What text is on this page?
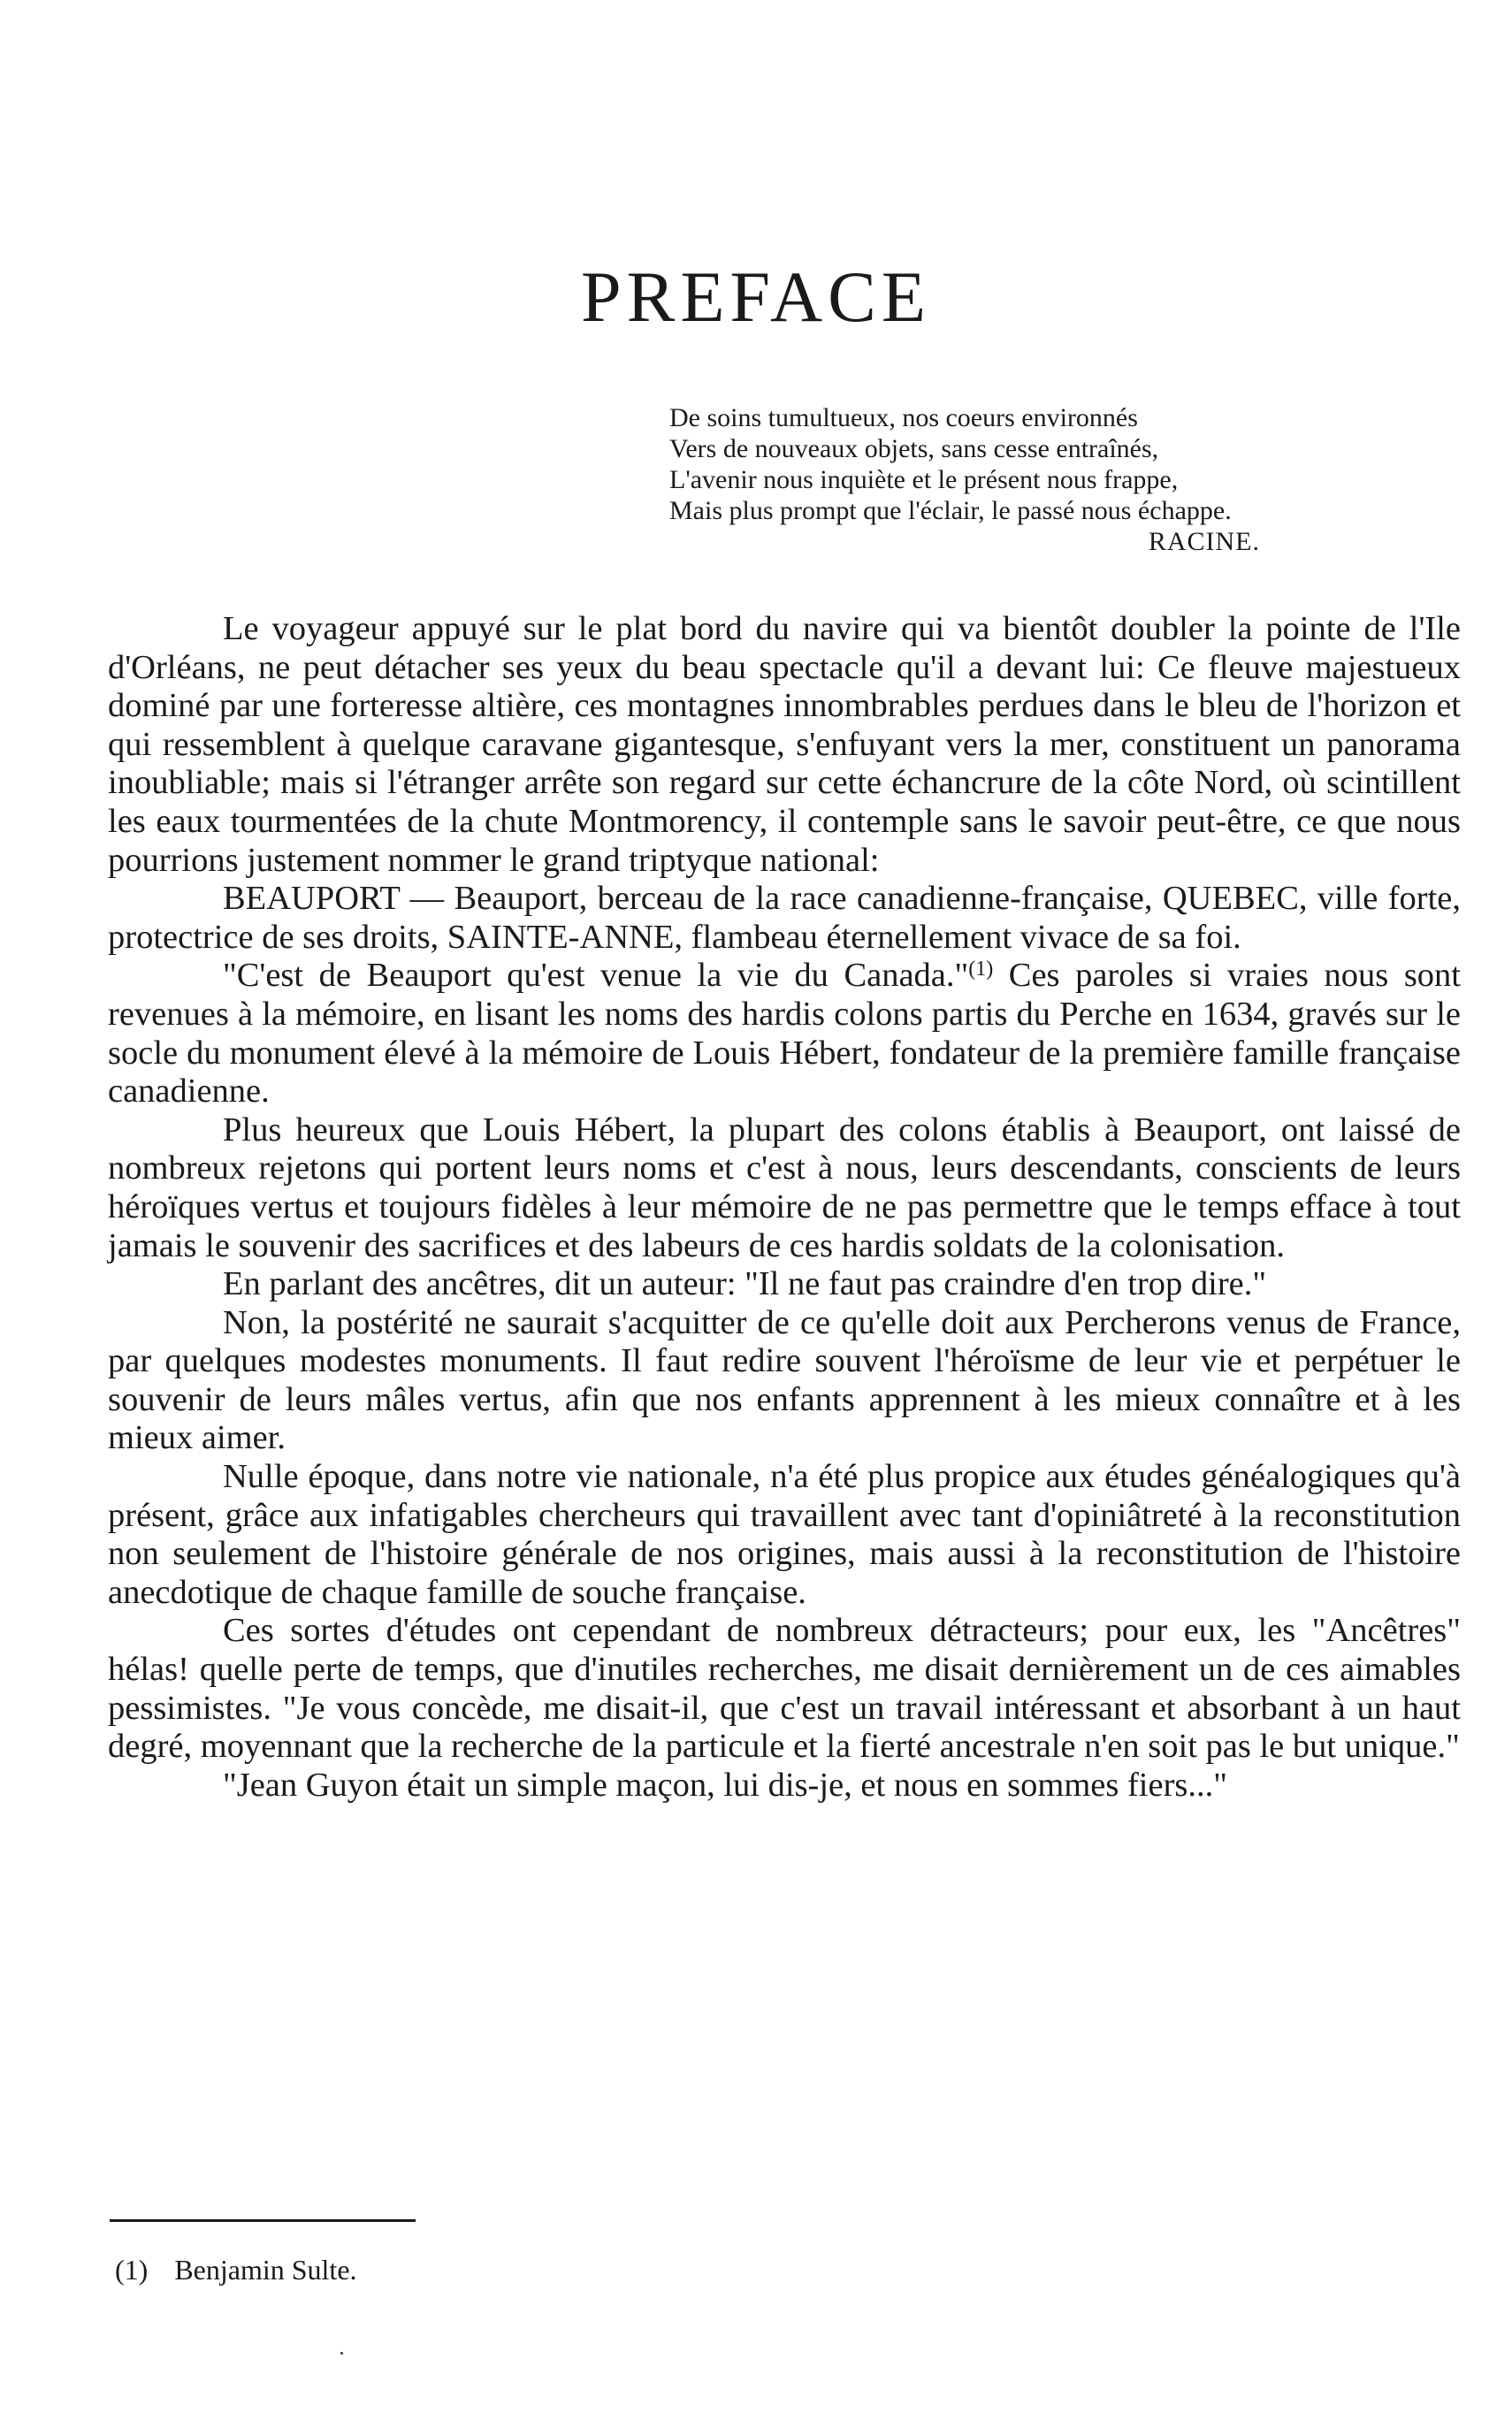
PREFACE
De soins tumultueux, nos coeurs environnés
Vers de nouveaux objets, sans cesse entraînés,
L'avenir nous inquiète et le présent nous frappe,
Mais plus prompt que l'éclair, le passé nous échappe.
RACINE.

Le voyageur appuyé sur le plat bord du navire qui va bientôt doubler la pointe de l'Ile d'Orléans, ne peut détacher ses yeux du beau spectacle qu'il a devant lui: Ce fleuve majestueux dominé par une forteresse altière, ces montagnes innombrables perdues dans le bleu de l'horizon et qui ressemblent à quelque caravane gigantesque, s'enfuyant vers la mer, constituent un panorama inoubliable; mais si l'étranger arrête son regard sur cette échancrure de la côte Nord, où scintillent les eaux tourmentées de la chute Montmorency, il contemple sans le savoir peut-être, ce que nous pourrions justement nommer le grand triptyque national:

BEAUPORT — Beauport, berceau de la race canadienne-française, QUEBEC, ville forte, protectrice de ses droits, SAINTE-ANNE, flambeau éternellement vivace de sa foi.

"C'est de Beauport qu'est venue la vie du Canada."$^{(1)}$ Ces paroles si vraies nous sont revenues à la mémoire, en lisant les noms des hardis colons partis du Perche en 1634, gravés sur le socle du monument élevé à la mémoire de Louis Hébert, fondateur de la première famille française canadienne.

Plus heureux que Louis Hébert, la plupart des colons établis à Beauport, ont laissé de nombreux rejetons qui portent leurs noms et c'est à nous, leurs descendants, conscients de leurs héroïques vertus et toujours fidèles à leur mémoire de ne pas permettre que le temps efface à tout jamais le souvenir des sacrifices et des labeurs de ces hardis soldats de la colonisation.

En parlant des ancêtres, dit un auteur: "Il ne faut pas craindre d'en trop dire."

Non, la postérité ne saurait s'acquitter de ce qu'elle doit aux Percherons venus de France, par quelques modestes monuments. Il faut redire souvent l'héroïsme de leur vie et perpétuer le souvenir de leurs mâles vertus, afin que nos enfants apprennent à les mieux connaître et à les mieux aimer.

Nulle époque, dans notre vie nationale, n'a été plus propice aux études généalogiques qu'à présent, grâce aux infatigables chercheurs qui travaillent avec tant d'opiniâtreté à la reconstitution non seulement de l'histoire générale de nos origines, mais aussi à la reconstitution de l'histoire anecdotique de chaque famille de souche française.

Ces sortes d'études ont cependant de nombreux détracteurs; pour eux, les "Ancêtres" hélas! quelle perte de temps, que d'inutiles recherches, me disait dernièrement un de ces aimables pessimistes. "Je vous concède, me disait-il, que c'est un travail intéressant et absorbant à un haut degré, moyennant que la recherche de la particule et la fierté ancestrale n'en soit pas le but unique."

"Jean Guyon était un simple maçon, lui dis-je, et nous en sommes fiers..."

(1) Benjamin Sulte.
